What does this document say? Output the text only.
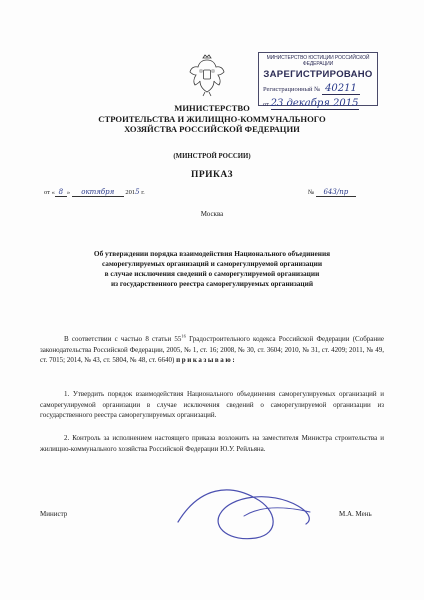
МИНИСТЕРСТВО ЮСТИЦИИ РОССИЙСКОЙ ФЕДЕРАЦИИ
ЗАРЕГИСТРИРОВАНО
Регистрационный № 40211
от 23 декабря 2015
МИНИСТЕРСТВО
СТРОИТЕЛЬСТВА И ЖИЛИЩНО-КОММУНАЛЬНОГО
ХОЗЯЙСТВА РОССИЙСКОЙ ФЕДЕРАЦИИ
(МИНСТРОЙ РОССИИ)
ПРИКАЗ
от « 8 » октября 2015 г.	№ 643/пр
Москва
Об утверждении порядка взаимодействия Национального объединения
саморегулируемых организаций и саморегулируемой организации
в случае исключения сведений о саморегулируемой организации
из государственного реестра саморегулируемых организаций
В соответствии с частью 8 статьи $55^{16}$ Градостроительного кодекса Российской Федерации (Собрание законодательства Российской Федерации, 2005, № 1, ст. 16; 2008, № 30, ст. 3604; 2010, № 31, ст. 4209; 2011, № 49, ст. 7015; 2014, № 43, ст. 5804, № 48, ст. 6640) приказываю:
1. Утвердить порядок взаимодействия Национального объединения саморегулируемых организаций и саморегулируемой организации в случае исключения сведений о саморегулируемой организации из государственного реестра саморегулируемых организаций.
2. Контроль за исполнением настоящего приказа возложить на заместителя Министра строительства и жилищно-коммунального хозяйства Российской Федерации Ю.У. Рейльяна.
Министр	М.А. Мень
